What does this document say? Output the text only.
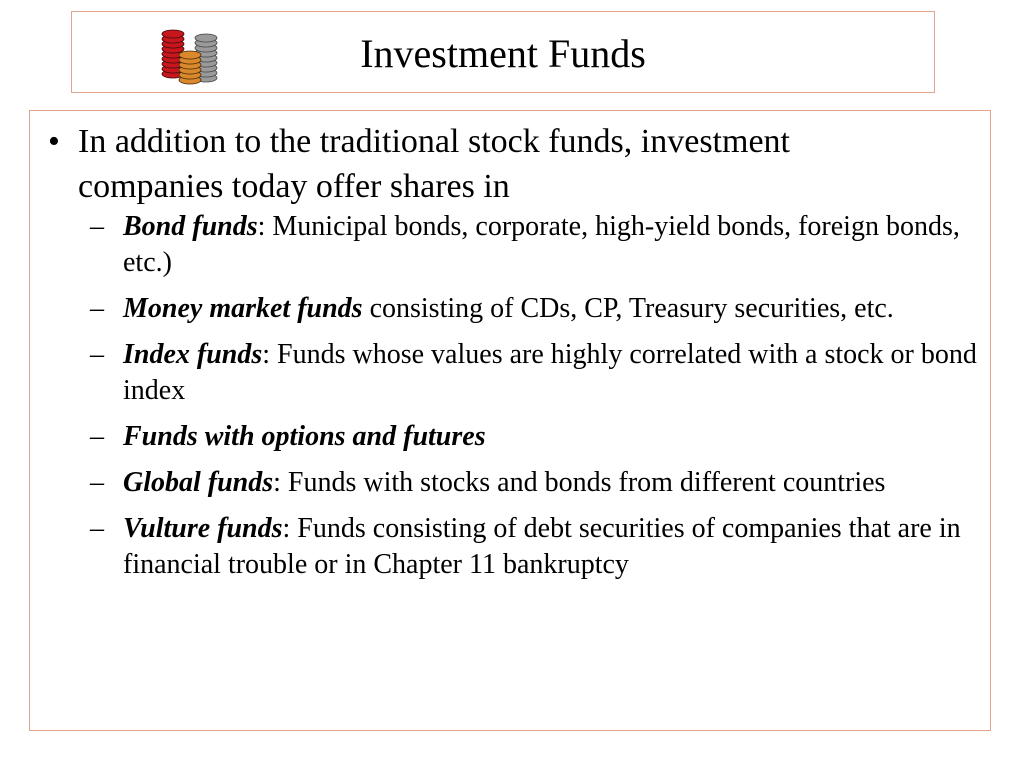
Investment Funds
• In addition to the traditional stock funds, investment companies today offer shares in
– Bond funds: Municipal bonds, corporate, high-yield bonds, foreign bonds, etc.)
– Money market funds consisting of CDs, CP, Treasury securities, etc.
– Index funds: Funds whose values are highly correlated with a stock or bond index
– Funds with options and futures
– Global funds: Funds with stocks and bonds from different countries
– Vulture funds: Funds consisting of debt securities of companies that are in financial trouble or in Chapter 11 bankruptcy
